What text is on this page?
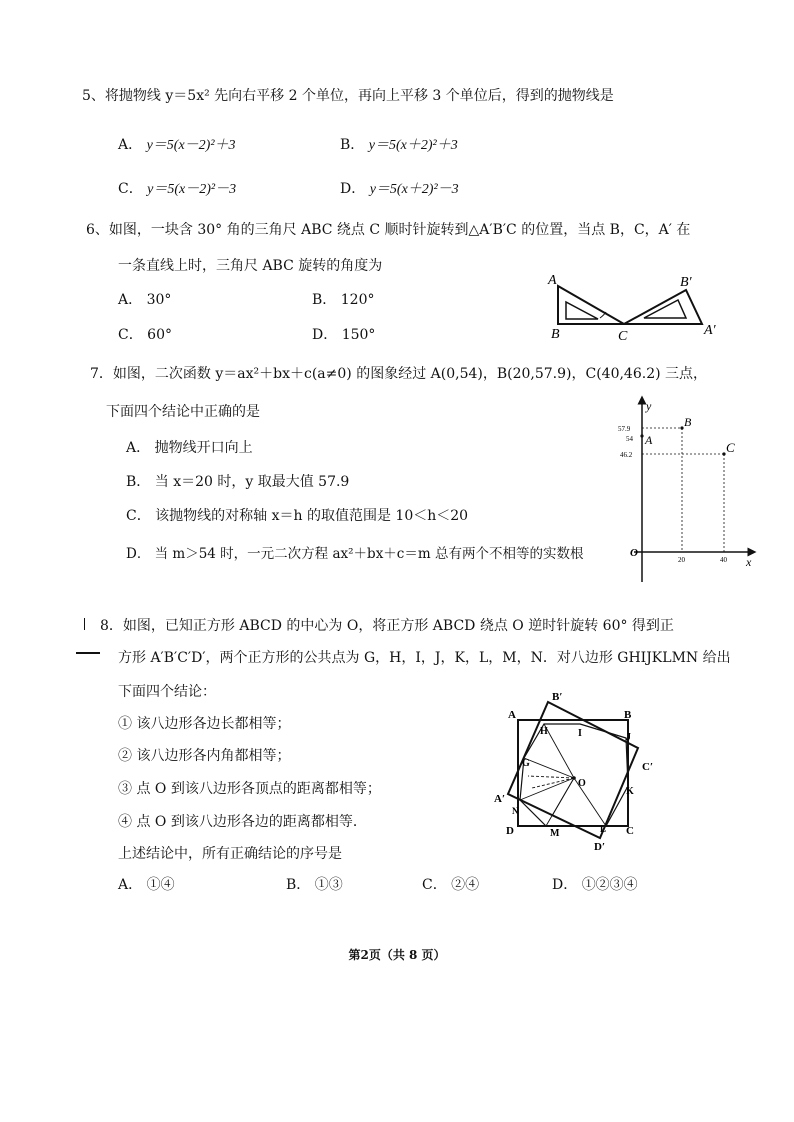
5、将抛物线 y＝5x² 先向右平移 2 个单位，再向上平移 3 个单位后，得到的抛物线是
A． y＝5(x－2)²＋3	B． y＝5(x＋2)²＋3
C． y＝5(x－2)²－3	D． y＝5(x＋2)²－3
6、如图，一块含 30° 角的三角尺 ABC 绕点 C 顺时针旋转到△A′B′C 的位置，当点 B，C，A′ 在
一条直线上时，三角尺 ABC 旋转的角度为
A． 30°	B． 120°
C． 60°	D． 150°
A
B	C
B′
A′
7．如图，二次函数 y＝ax²＋bx＋c(a≠0) 的图象经过 A(0,54)，B(20,57.9)，C(40,46.2) 三点，
下面四个结论中正确的是
A． 抛物线开口向上
B． 当 x＝20 时，y 取最大值 57.9
C． 该抛物线的对称轴 x＝h 的取值范围是 10＜h＜20
D． 当 m＞54 时，一元二次方程 ax²＋bx＋c＝m 总有两个不相等的实数根
y
x
O
57.9
54
46.2
20	40
A
B
C
8．如图，已知正方形 ABCD 的中心为 O，将正方形 ABCD 绕点 O 逆时针旋转 60° 得到正
方形 A′B′C′D′，两个正方形的公共点为 G，H，I，J，K，L，M，N．对八边形 GHIJKLMN 给出
下面四个结论：
① 该八边形各边长都相等；
② 该八边形各内角都相等；
③ 点 O 到该八边形各顶点的距离都相等；
④ 点 O 到该八边形各边的距离都相等．
上述结论中，所有正确结论的序号是
A． ①④	B． ①③	C． ②④	D． ①②③④
A	B
C
D
A′
B′
C′
D′
G
H	I	J
K
L
M
N
O
第2页（共 8 页）
